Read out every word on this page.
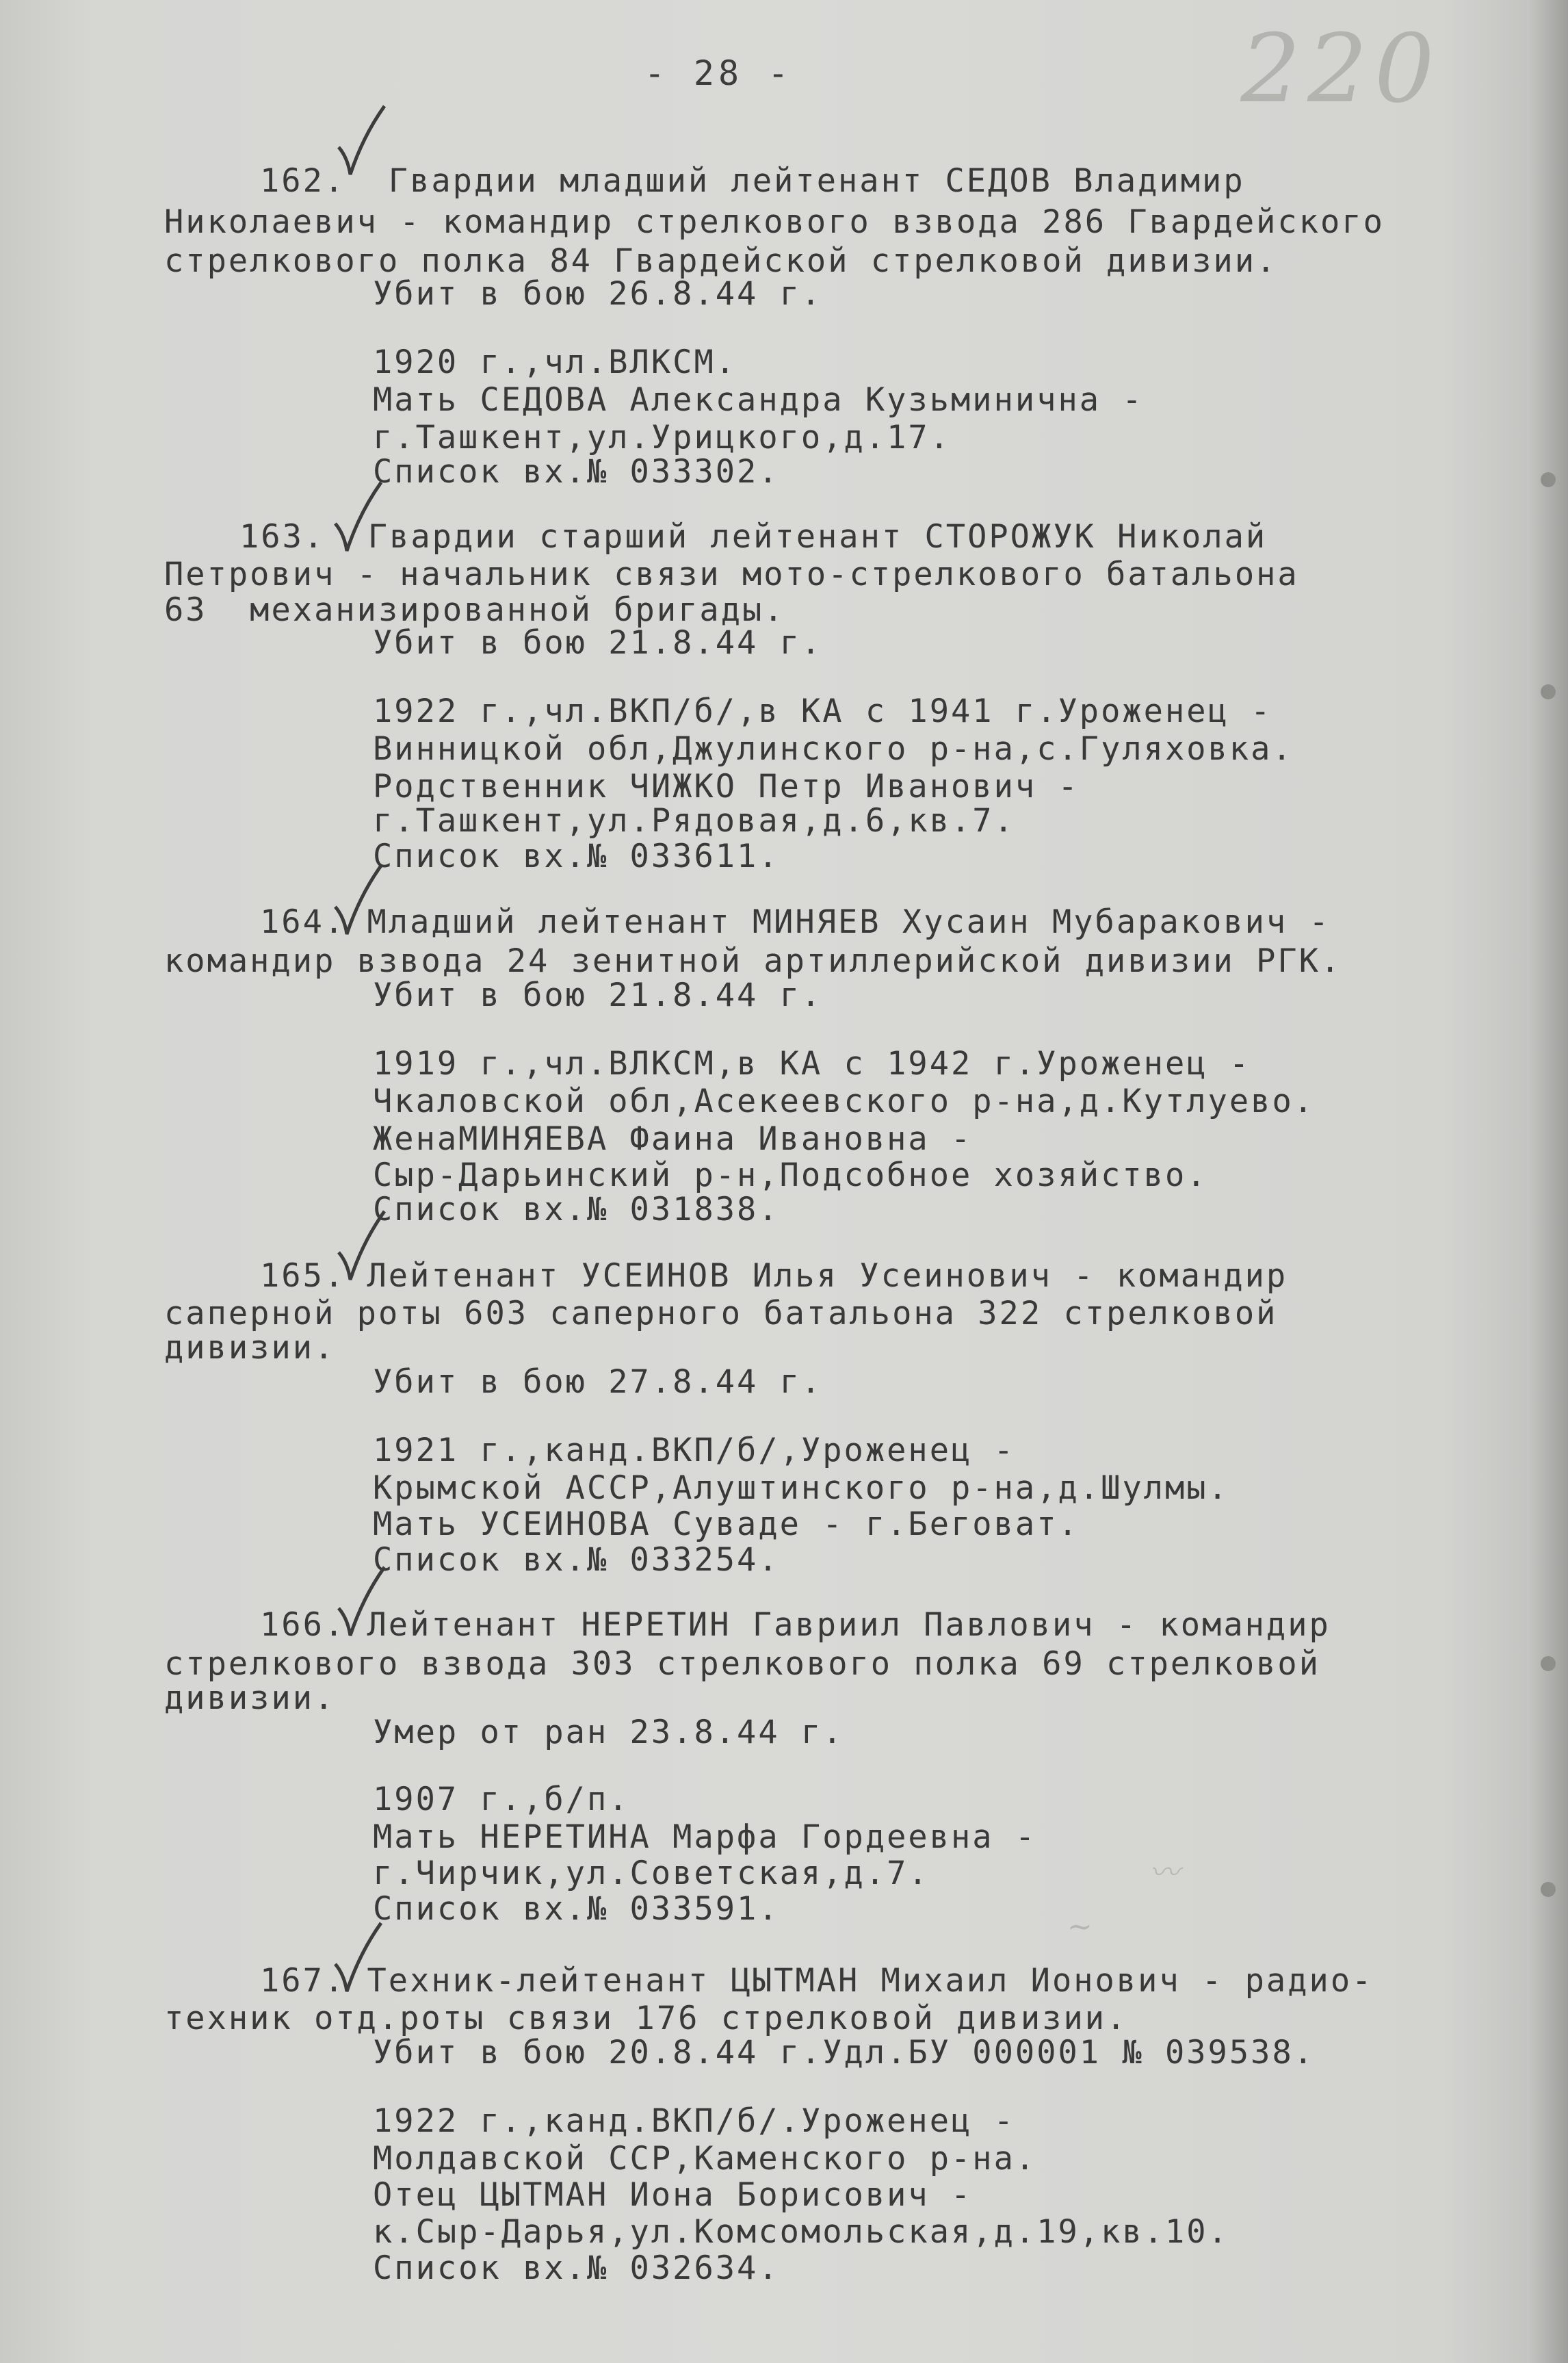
- 28 -	220
162.  Гвардии младший лейтенант СЕДОВ Владимир
Николаевич - командир стрелкового взвода 286 Гвардейского
стрелкового полка 84 Гвардейской стрелковой дивизии.
Убит в бою 26.8.44 г.
1920 г.,чл.ВЛКСМ.
Мать СЕДОВА Александра Кузьминична -
г.Ташкент,ул.Урицкого,д.17.
Список вх.№ 033302.
163.  Гвардии старший лейтенант СТОРОЖУК Николай
Петрович - начальник связи мото-стрелкового батальона
63  механизированной бригады.
Убит в бою 21.8.44 г.
1922 г.,чл.ВКП/б/,в КА с 1941 г.Уроженец -
Винницкой обл,Джулинского р-на,с.Гуляховка.
Родственник ЧИЖКО Петр Иванович -
г.Ташкент,ул.Рядовая,д.6,кв.7.
Список вх.№ 033611.
164. Младший лейтенант МИНЯЕВ Хусаин Мубаракович -
командир взвода 24 зенитной артиллерийской дивизии РГК.
Убит в бою 21.8.44 г.
1919 г.,чл.ВЛКСМ,в КА с 1942 г.Уроженец -
Чкаловской обл,Асекеевского р-на,д.Кутлуево.
ЖенаМИНЯЕВА Фаина Ивановна -
Сыр-Дарьинский р-н,Подсобное хозяйство.
Список вх.№ 031838.
165. Лейтенант УСЕИНОВ Илья Усеинович - командир
саперной роты 603 саперного батальона 322 стрелковой
дивизии.
Убит в бою 27.8.44 г.
1921 г.,канд.ВКП/б/,Уроженец -
Крымской АССР,Алуштинского р-на,д.Шулмы.
Мать УСЕИНОВА Суваде - г.Беговат.
Список вх.№ 033254.
166. Лейтенант НЕРЕТИН Гавриил Павлович - командир
стрелкового взвода 303 стрелкового полка 69 стрелковой
дивизии.
Умер от ран 23.8.44 г.
1907 г.,б/п.
Мать НЕРЕТИНА Марфа Гордеевна -
г.Чирчик,ул.Советская,д.7.
Список вх.№ 033591.
〰
~
167. Техник-лейтенант ЦЫТМАН Михаил Ионович - радио-
техник отд.роты связи 176 стрелковой дивизии.
Убит в бою 20.8.44 г.Удл.БУ 000001 № 039538.
1922 г.,канд.ВКП/б/.Уроженец -
Молдавской ССР,Каменского р-на.
Отец ЦЫТМАН Иона Борисович -
к.Сыр-Дарья,ул.Комсомольская,д.19,кв.10.
Список вх.№ 032634.
